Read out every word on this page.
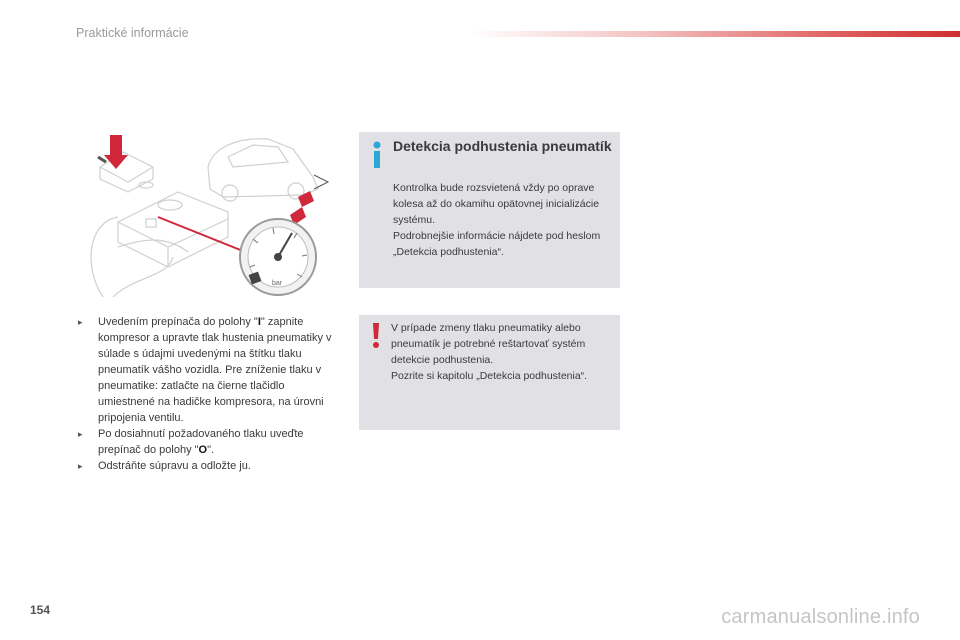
Praktické informácie
bar
▸ Uvedením prepínača do polohy "I" zapnite kompresor a upravte tlak hustenia pneumatiky v súlade s údajmi uvedenými na štítku tlaku pneumatík vášho vozidla. Pre zníženie tlaku v pneumatike: zatlačte na čierne tlačidlo umiestnené na hadičke kompresora, na úrovni pripojenia ventilu.
▸ Po dosiahnutí požadovaného tlaku uveďte prepínač do polohy "O".
▸ Odstráňte súpravu a odložte ju.
Detekcia podhustenia pneumatík
Kontrolka bude rozsvietená vždy po oprave kolesa až do okamihu opätovnej inicializácie systému.
Podrobnejšie informácie nájdete pod heslom „Detekcia podhustenia“.
V prípade zmeny tlaku pneumatiky alebo pneumatík je potrebné reštartovať systém detekcie podhustenia.
Pozrite si kapitolu „Detekcia podhustenia“.
154	carmanualsonline.info
